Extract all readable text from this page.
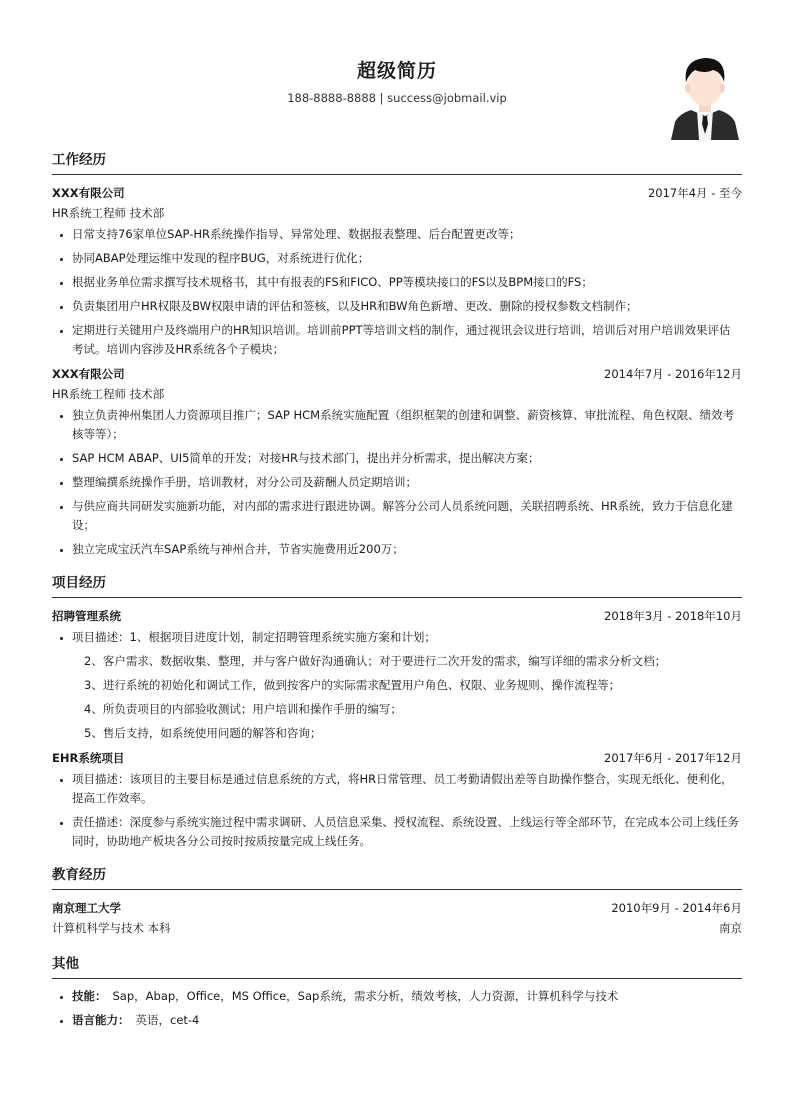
超级简历
188-8888-8888 | success@jobmail.vip
工作经历
XXX有限公司	2017年4月 - 至今
HR系统工程师 技术部
• 日常支持76家单位SAP-HR系统操作指导、异常处理、数据报表整理、后台配置更改等；
• 协同ABAP处理运维中发现的程序BUG，对系统进行优化；
• 根据业务单位需求撰写技术规格书，其中有报表的FS和FICO、PP等模块接口的FS以及BPM接口的FS；
• 负责集团用户HR权限及BW权限申请的评估和签核，以及HR和BW角色新增、更改、删除的授权参数文档制作；
• 定期进行关键用户及终端用户的HR知识培训。培训前PPT等培训文档的制作，通过视讯会议进行培训，培训后对用户培训效果评估考试。培训内容涉及HR系统各个子模块；
XXX有限公司	2014年7月 - 2016年12月
HR系统工程师 技术部
• 独立负责神州集团人力资源项目推广；SAP HCM系统实施配置（组织框架的创建和调整、薪资核算、审批流程、角色权限、绩效考核等等）；
• SAP HCM ABAP、UI5简单的开发；对接HR与技术部门，提出并分析需求，提出解决方案；
• 整理编撰系统操作手册，培训教材，对分公司及薪酬人员定期培训；
• 与供应商共同研发实施新功能，对内部的需求进行跟进协调。解答分公司人员系统问题，关联招聘系统、HR系统，致力于信息化建设；
• 独立完成宝沃汽车SAP系统与神州合并，节省实施费用近200万；
项目经历
招聘管理系统	2018年3月 - 2018年10月
• 项目描述：1、根据项目进度计划，制定招聘管理系统实施方案和计划；
2、客户需求、数据收集、整理，并与客户做好沟通确认；对于要进行二次开发的需求，编写详细的需求分析文档；
3、进行系统的初始化和调试工作，做到按客户的实际需求配置用户角色、权限、业务规则、操作流程等；
4、所负责项目的内部验收测试；用户培训和操作手册的编写；
5、售后支持，如系统使用问题的解答和咨询；
EHR系统项目	2017年6月 - 2017年12月
• 项目描述：该项目的主要目标是通过信息系统的方式，将HR日常管理、员工考勤请假出差等自助操作整合，实现无纸化、便利化，提高工作效率。
• 责任描述：深度参与系统实施过程中需求调研、人员信息采集、授权流程、系统设置、上线运行等全部环节，在完成本公司上线任务同时，协助地产板块各分公司按时按质按量完成上线任务。
教育经历
南京理工大学	2010年9月 - 2014年6月
计算机科学与技术 本科	南京
其他
• 技能： Sap，Abap，Office，MS Office，Sap系统，需求分析，绩效考核，人力资源，计算机科学与技术
• 语言能力： 英语，cet-4
